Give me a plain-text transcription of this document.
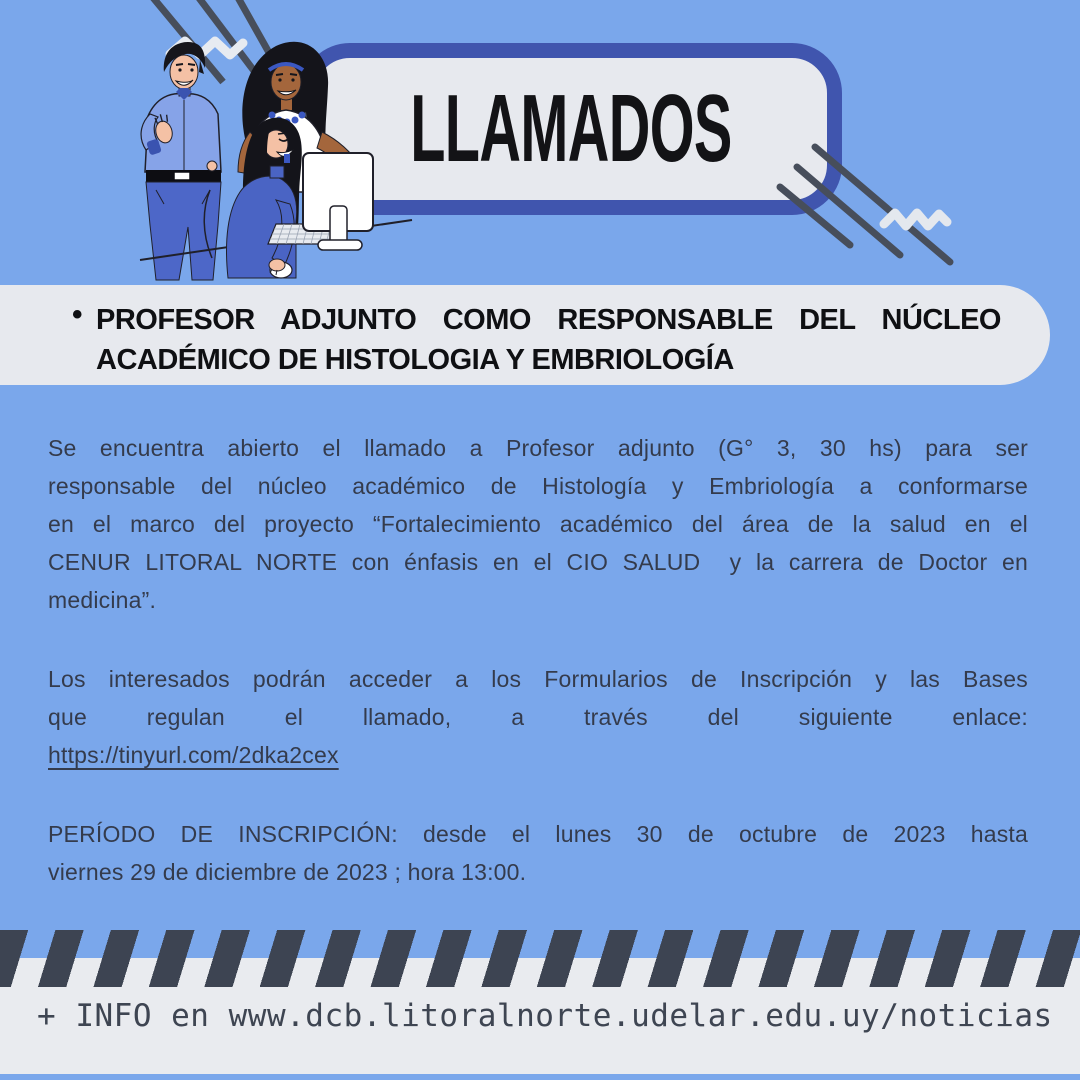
LLAMADOS
• PROFESOR ADJUNTO COMO RESPONSABLE DEL NÚCLEO
ACADÉMICO DE HISTOLOGIA Y EMBRIOLOGÍA
Se encuentra abierto el llamado a Profesor adjunto (G° 3, 30 hs) para ser
responsable del núcleo académico de Histología y Embriología a conformarse
en el marco del proyecto “Fortalecimiento académico del área de la salud en el
CENUR LITORAL NORTE con énfasis en el CIO SALUD  y la carrera de Doctor en
medicina”.
Los interesados podrán acceder a los Formularios de Inscripción y las Bases
que regulan el llamado, a través del siguiente enlace:
https://tinyurl.com/2dka2cex
PERÍODO DE INSCRIPCIÓN: desde el lunes 30 de octubre de 2023 hasta
viernes 29 de diciembre de 2023 ; hora 13:00.
+ INFO en www.dcb.litoralnorte.udelar.edu.uy/noticias
